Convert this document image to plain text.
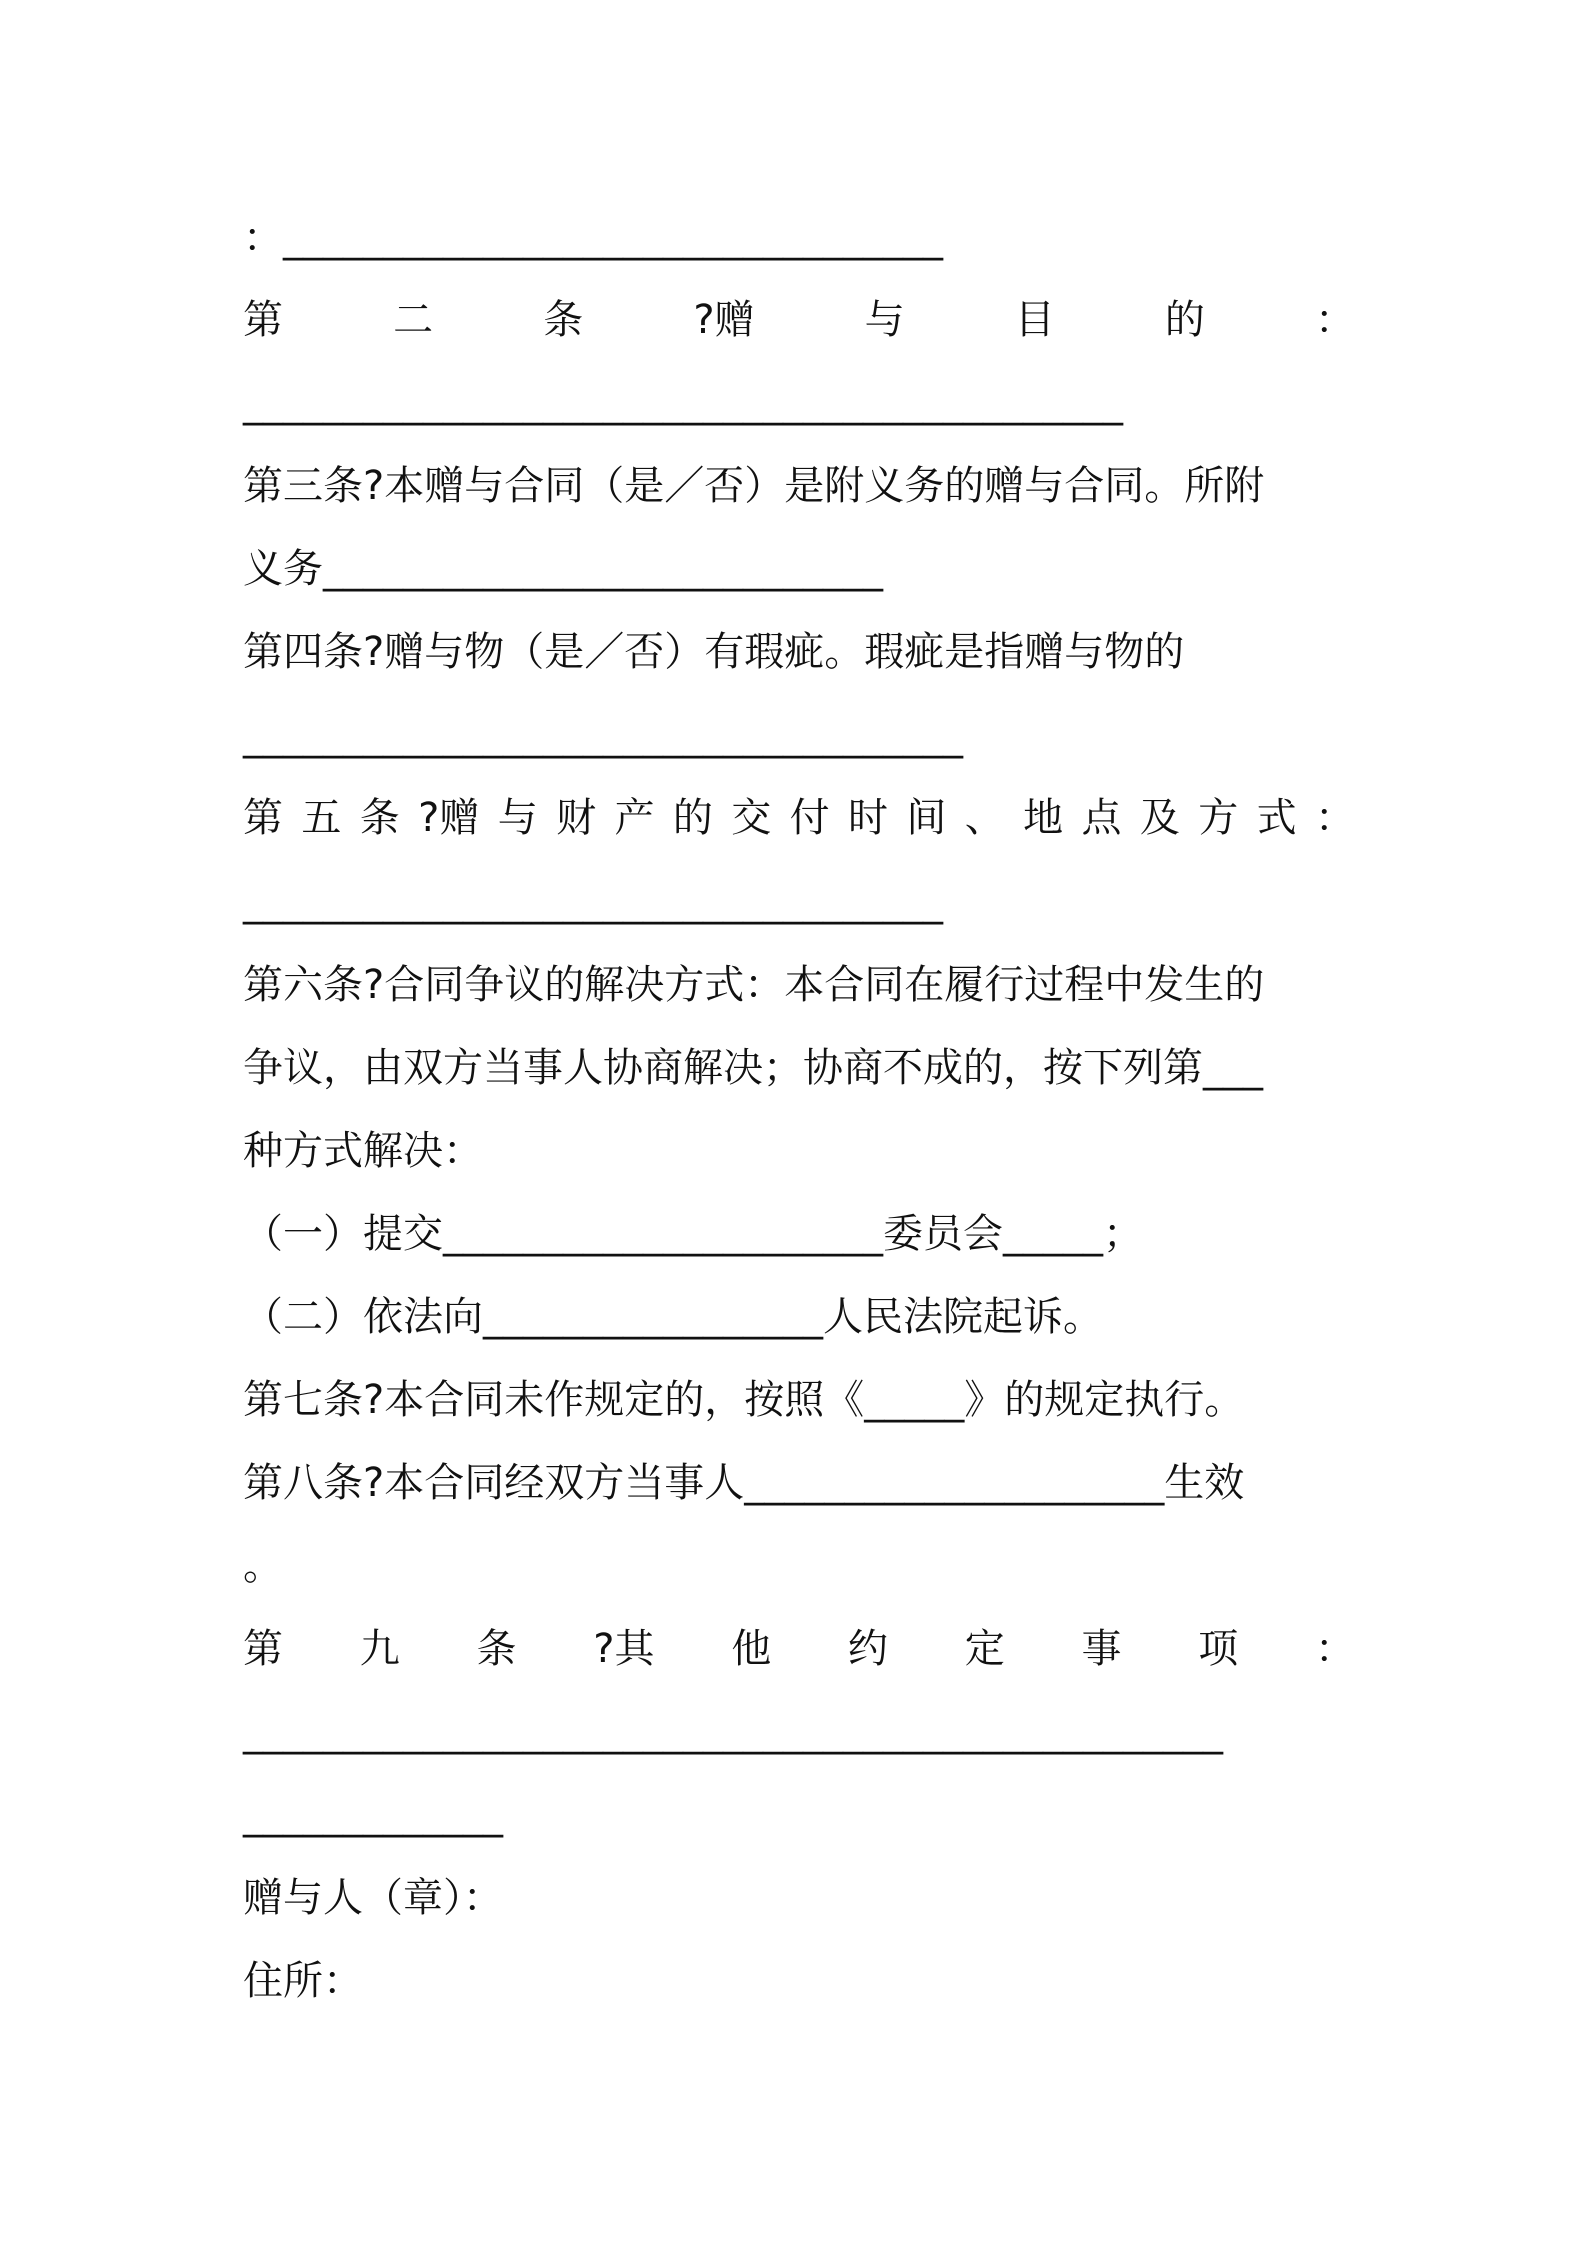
：_________________________________
第	二	条	?赠	与	目	的	：
____________________________________________
第三条?本赠与合同（是／否）是附义务的赠与合同。所附
义务____________________________
第四条?赠与物（是／否）有瑕疵。瑕疵是指赠与物的
____________________________________
第 五 条 ?赠 与 财 产 的 交 付 时 间 、 地 点 及 方 式 ：
___________________________________
第六条?合同争议的解决方式：本合同在履行过程中发生的
争议，由双方当事人协商解决；协商不成的，按下列第___
种方式解决：
（一）提交______________________委员会_____；
（二）依法向_________________人民法院起诉。
第七条?本合同未作规定的，按照《_____》的规定执行。
第八条?本合同经双方当事人_____________________生效
。
第 九 条 ?其 他 约 定 事 项 ：
_________________________________________________
_____________
赠与人（章）：
住所：
